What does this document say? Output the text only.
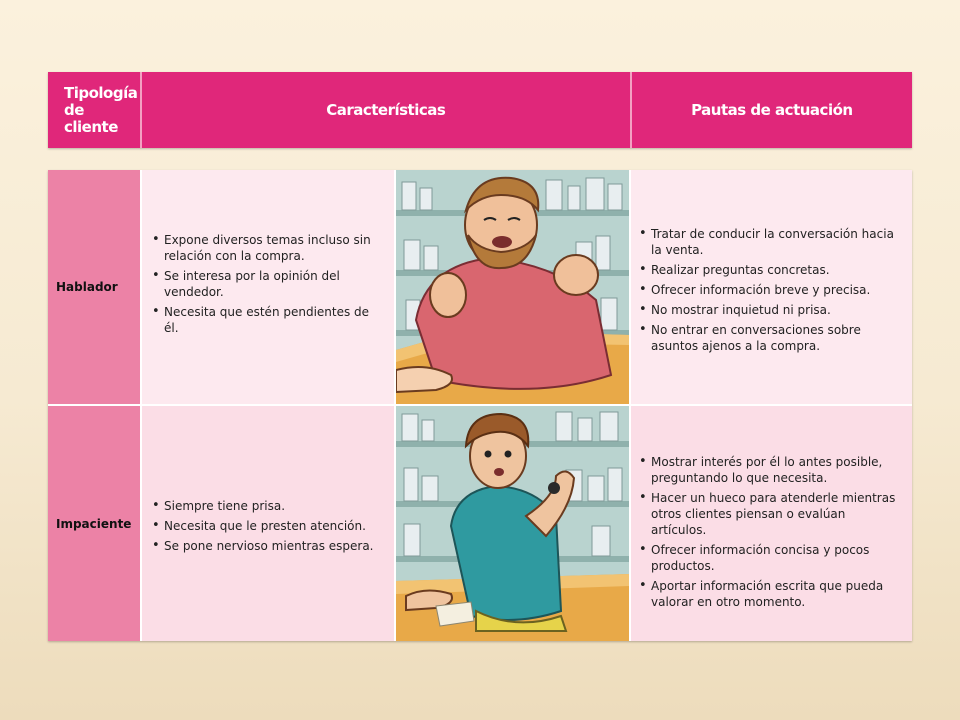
Tipología
de cliente
Características	Pautas de actuación
Hablador
• Expone diversos temas incluso sin relación con la compra.
• Se interesa por la opinión del vendedor.
• Necesita que estén pendientes de él.
• Tratar de conducir la conversación hacia la venta.
• Realizar preguntas concretas.
• Ofrecer información breve y precisa.
• No mostrar inquietud ni prisa.
• No entrar en conversaciones sobre asuntos ajenos a la compra.
Impaciente
• Siempre tiene prisa.
• Necesita que le presten atención.
• Se pone nervioso mientras espera.
• Mostrar interés por él lo antes posible, preguntando lo que necesita.
• Hacer un hueco para atenderle mientras otros clientes piensan o evalúan artículos.
• Ofrecer información concisa y pocos productos.
• Aportar información escrita que pueda valorar en otro momento.
